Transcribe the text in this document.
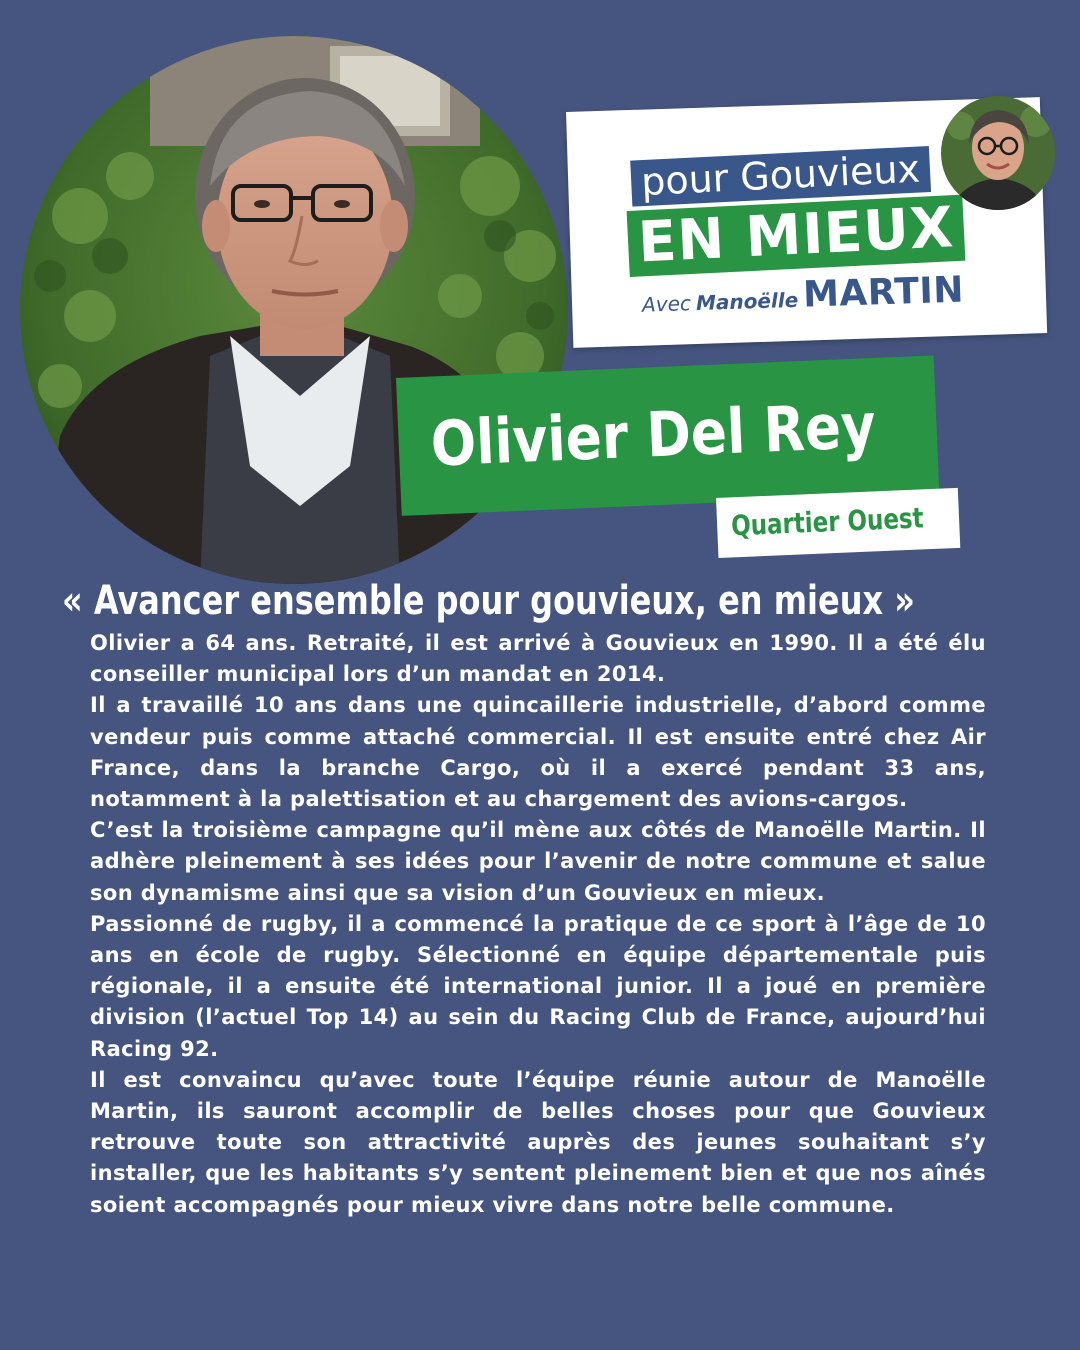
pour Gouvieux
EN MIEUX
Avec Manoëlle MARTIN
Olivier Del Rey
Quartier Ouest
« Avancer ensemble pour gouvieux, en mieux »

Olivier a 64 ans. Retraité, il est arrivé à Gouvieux en 1990. Il a été élu conseiller municipal lors d’un mandat en 2014.

Il a travaillé 10 ans dans une quincaillerie industrielle, d’abord comme vendeur puis comme attaché commercial. Il est ensuite entré chez Air France, dans la branche Cargo, où il a exercé pendant 33 ans, notamment à la palettisation et au chargement des avions-cargos.

C’est la troisième campagne qu’il mène aux côtés de Manoëlle Martin. Il adhère pleinement à ses idées pour l’avenir de notre commune et salue son dynamisme ainsi que sa vision d’un Gouvieux en mieux.

Passionné de rugby, il a commencé la pratique de ce sport à l’âge de 10 ans en école de rugby. Sélectionné en équipe départementale puis régionale, il a ensuite été international junior. Il a joué en première division (l’actuel Top 14) au sein du Racing Club de France, aujourd’hui Racing 92.

Il est convaincu qu’avec toute l’équipe réunie autour de Manoëlle Martin, ils sauront accomplir de belles choses pour que Gouvieux retrouve toute son attractivité auprès des jeunes souhaitant s’y installer, que les habitants s’y sentent pleinement bien et que nos aînés soient accompagnés pour mieux vivre dans notre belle commune.
